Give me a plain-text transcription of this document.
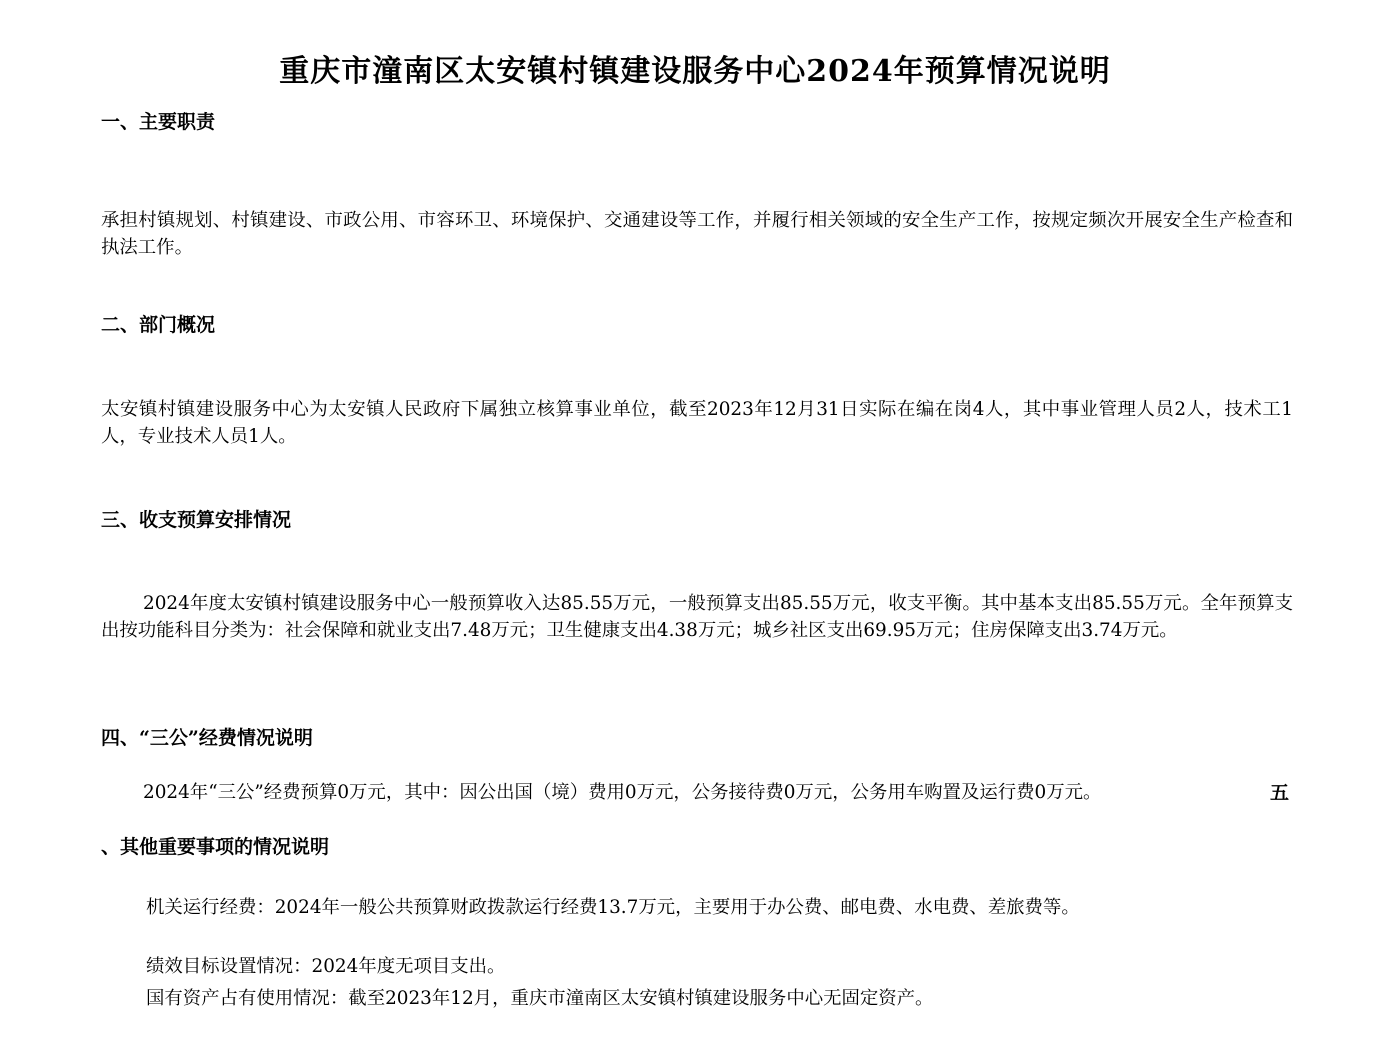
重庆市潼南区太安镇村镇建设服务中心2024年预算情况说明
一、主要职责
承担村镇规划、村镇建设、市政公用、市容环卫、环境保护、交通建设等工作，并履行相关领域的安全生产工作，按规定频次开展安全生产检查和执法工作。
二、部门概况
太安镇村镇建设服务中心为太安镇人民政府下属独立核算事业单位，截至2023年12月31日实际在编在岗4人，其中事业管理人员2人，技术工1人，专业技术人员1人。
三、收支预算安排情况
2024年度太安镇村镇建设服务中心一般预算收入达85.55万元，一般预算支出85.55万元，收支平衡。其中基本支出85.55万元。全年预算支出按功能科目分类为：社会保障和就业支出7.48万元；卫生健康支出4.38万元；城乡社区支出69.95万元；住房保障支出3.74万元。
四、“三公”经费情况说明
2024年“三公”经费预算0万元，其中：因公出国（境）费用0万元，公务接待费0万元，公务用车购置及运行费0万元。	五
、其他重要事项的情况说明
机关运行经费：2024年一般公共预算财政拨款运行经费13.7万元，主要用于办公费、邮电费、水电费、差旅费等。
绩效目标设置情况：2024年度无项目支出。
国有资产占有使用情况：截至2023年12月，重庆市潼南区太安镇村镇建设服务中心无固定资产。
